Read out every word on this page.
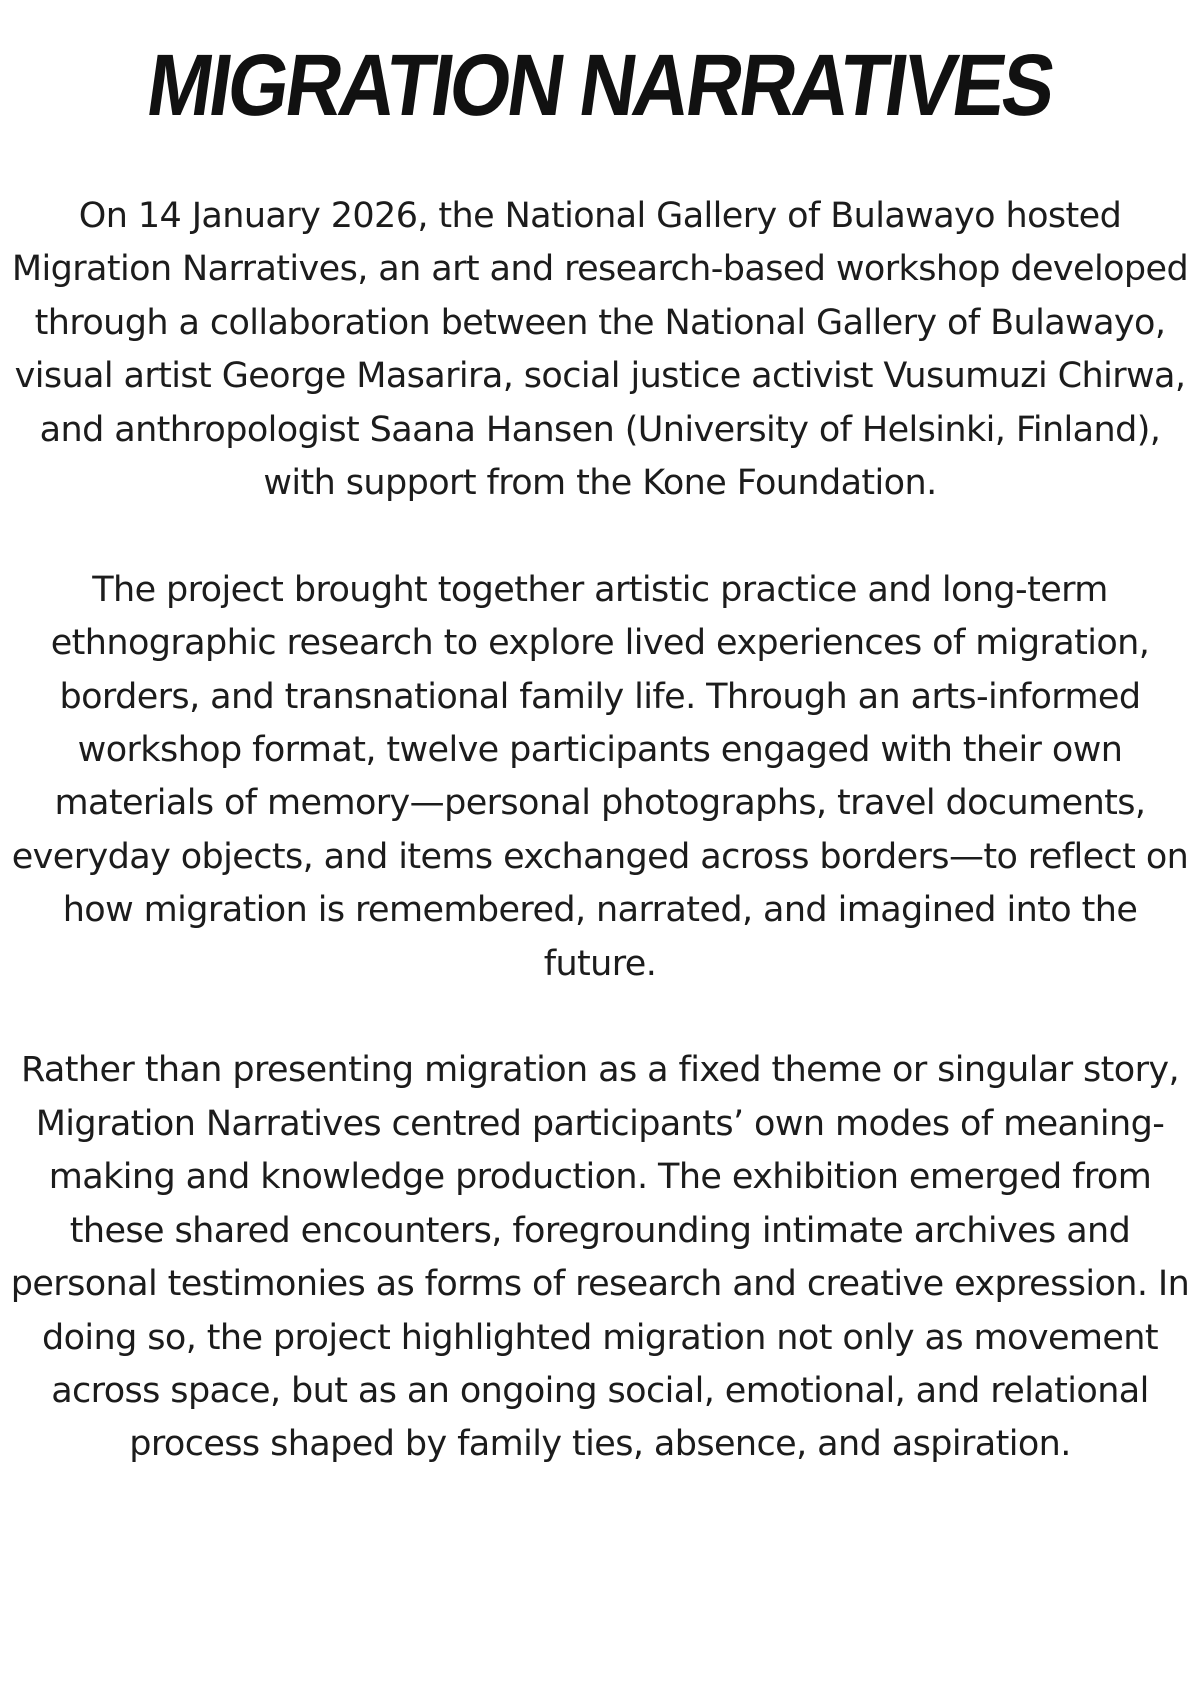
MIGRATION NARRATIVES

On 14 January 2026, the National Gallery of Bulawayo hosted Migration Narratives, an art and research-based workshop developed through a collaboration between the National Gallery of Bulawayo, visual artist George Masarira, social justice activist Vusumuzi Chirwa, and anthropologist Saana Hansen (University of Helsinki, Finland), with support from the Kone Foundation.

The project brought together artistic practice and long-term ethnographic research to explore lived experiences of migration, borders, and transnational family life. Through an arts-informed workshop format, twelve participants engaged with their own materials of memory—personal photographs, travel documents, everyday objects, and items exchanged across borders—to reflect on how migration is remembered, narrated, and imagined into the future.

Rather than presenting migration as a fixed theme or singular story, Migration Narratives centred participants’ own modes of meaning-making and knowledge production. The exhibition emerged from these shared encounters, foregrounding intimate archives and personal testimonies as forms of research and creative expression. In doing so, the project highlighted migration not only as movement across space, but as an ongoing social, emotional, and relational process shaped by family ties, absence, and aspiration.
